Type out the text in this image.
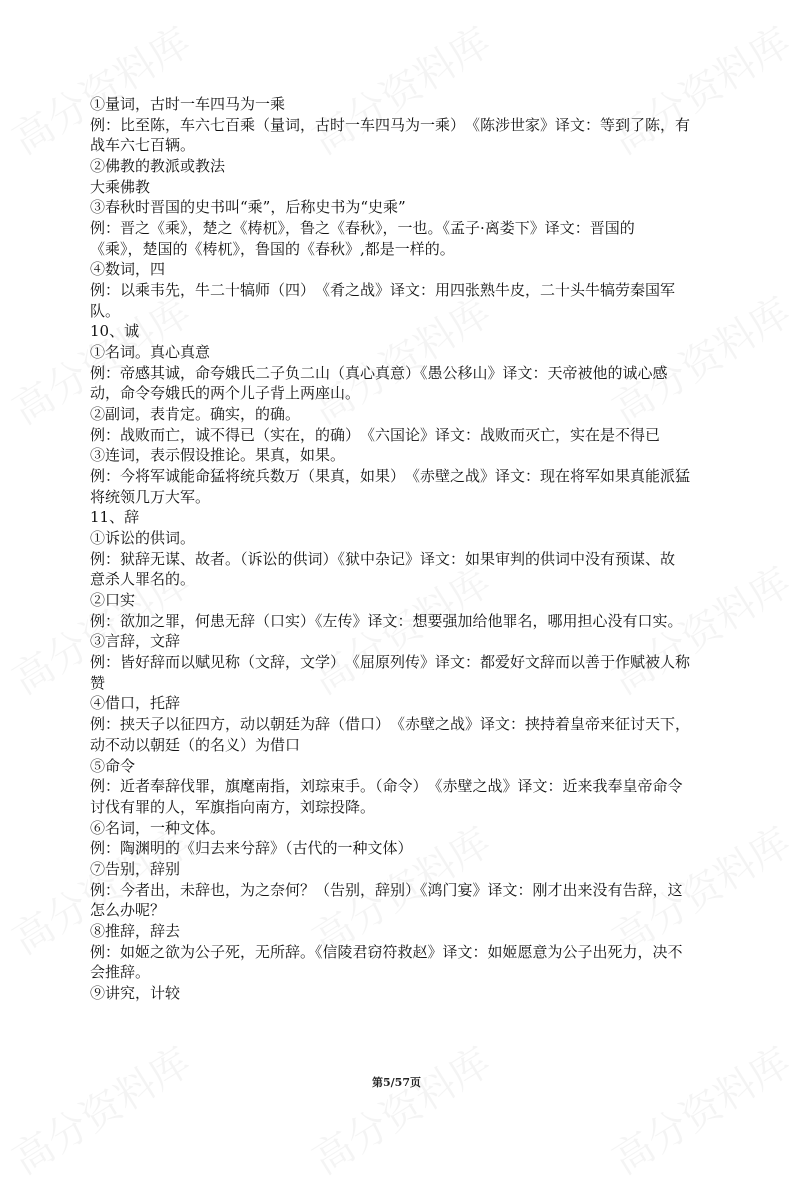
①量词，古时一车四马为一乘
例：比至陈，车六七百乘（量词，古时一车四马为一乘）　《陈涉世家》译文：等到了陈，有
战车六七百辆。
②佛教的教派或教法
大乘佛教
③春秋时晋国的史书叫“乘”，后称史书为“史乘”
例：晋之《乘》，楚之《梼杌》，鲁之《春秋》，一也。《孟子·离娄下》译文：晋国的
《乘》，楚国的《梼杌》，鲁国的《春秋》,都是一样的。
④数词，四
例：以乘韦先，牛二十犒师（四）　《肴之战》译文：用四张熟牛皮，二十头牛犒劳秦国军
队。
10、诚
①名词。真心真意
例：帝感其诚，命夸娥氏二子负二山（真心真意）《愚公移山》译文：天帝被他的诚心感
动，命令夸娥氏的两个儿子背上两座山。
②副词，表肯定。确实，的确。
例：战败而亡，诚不得已（实在，的确）　《六国论》译文：战败而灭亡，实在是不得已
③连词，表示假设推论。果真，如果。
例：今将军诚能命猛将统兵数万（果真，如果）　《赤壁之战》译文：现在将军如果真能派猛
将统领几万大军。
11、辞
①诉讼的供词。
例：狱辞无谋、故者。（诉讼的供词）《狱中杂记》译文：如果审判的供词中没有预谋、故
意杀人罪名的。
②口实
例：欲加之罪，何患无辞（口实）《左传》译文：想要强加给他罪名，哪用担心没有口实。
③言辞，文辞
例：皆好辞而以赋见称（文辞，文学）　《屈原列传》译文：都爱好文辞而以善于作赋被人称
赞
④借口，托辞
例：挟天子以征四方，动以朝廷为辞（借口）　《赤壁之战》译文：挟持着皇帝来征讨天下，
动不动以朝廷（的名义）为借口
⑤命令
例：近者奉辞伐罪，旗麾南指，刘琮束手。（命令）　《赤壁之战》译文：近来我奉皇帝命令
讨伐有罪的人，军旗指向南方，刘琮投降。
⑥名词，一种文体。
例：陶渊明的《归去来兮辞》（古代的一种文体）
⑦告别，辞别
例：今者出，未辞也，为之奈何？（告别，辞别）《鸿门宴》译文：刚才出来没有告辞，这
怎么办呢？
⑧推辞，辞去
例：如姬之欲为公子死，无所辞。《信陵君窃符救赵》译文：如姬愿意为公子出死力，决不
会推辞。
⑨讲究，计较
第5/57页
